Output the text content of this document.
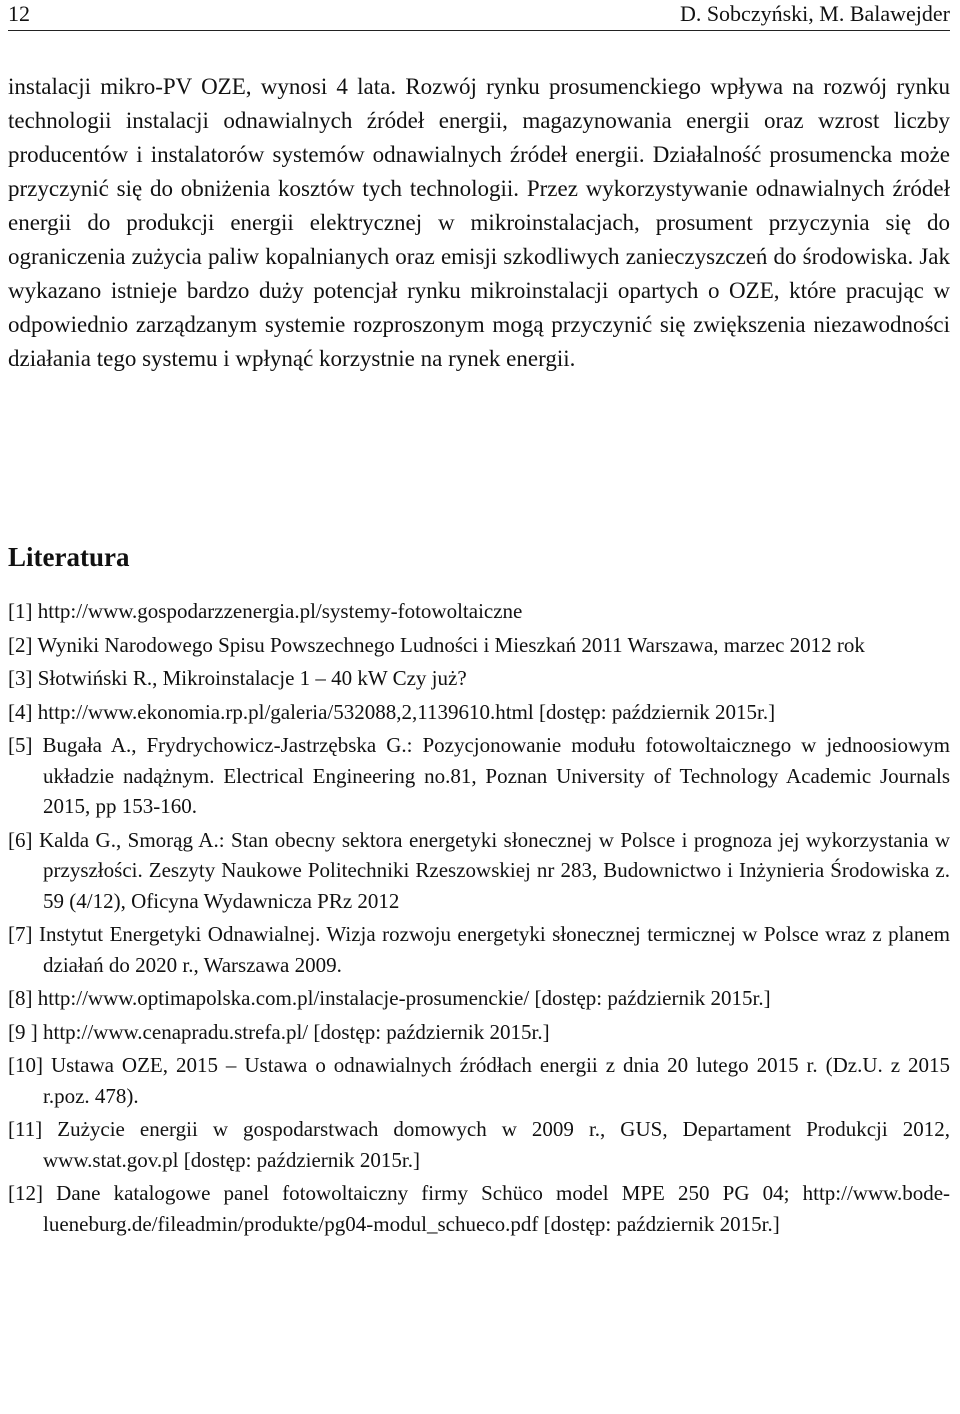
12	D. Sobczyński, M. Balawejder

instalacji mikro-PV OZE, wynosi 4 lata. Rozwój rynku prosumenckiego wpływa na rozwój rynku technologii instalacji odnawialnych źródeł energii, magazynowania energii oraz wzrost liczby producentów i instalatorów systemów odnawialnych źródeł energii. Działalność prosumencka może przyczynić się do obniżenia kosztów tych technologii. Przez wykorzystywanie odnawialnych źródeł energii do produkcji energii elektrycznej w mikroinstalacjach, prosument przyczynia się do ograniczenia zużycia paliw kopalnianych oraz emisji szkodliwych zanieczyszczeń do środowiska. Jak wykazano istnieje bardzo duży potencjał rynku mikroinstalacji opartych o OZE, które pracując w odpowiednio zarządzanym systemie rozproszonym mogą przyczynić się zwiększenia niezawodności działania tego systemu i wpłynąć korzystnie na rynek energii.

Literatura
[1] http://www.gospodarzzenergia.pl/systemy-fotowoltaiczne
[2] Wyniki Narodowego Spisu Powszechnego Ludności i Mieszkań 2011 Warszawa, marzec 2012 rok
[3] Słotwiński R., Mikroinstalacje 1 – 40 kW Czy już?
[4] http://www.ekonomia.rp.pl/galeria/532088,2,1139610.html [dostęp: październik 2015r.]
[5] Bugała A., Frydrychowicz-Jastrzębska G.: Pozycjonowanie modułu fotowoltaicznego w jednoosiowym układzie nadążnym. Electrical Engineering no.81, Poznan University of Technology Academic Journals 2015, pp 153-160.
[6] Kalda G., Smorąg A.: Stan obecny sektora energetyki słonecznej w Polsce i prognoza jej wykorzystania w przyszłości. Zeszyty Naukowe Politechniki Rzeszowskiej nr 283, Budownictwo i Inżynieria Środowiska z. 59 (4/12), Oficyna Wydawnicza PRz 2012
[7] Instytut Energetyki Odnawialnej. Wizja rozwoju energetyki słonecznej termicznej w Polsce wraz z planem działań do 2020 r., Warszawa 2009.
[8] http://www.optimapolska.com.pl/instalacje-prosumenckie/ [dostęp: październik 2015r.]
[9 ] http://www.cenapradu.strefa.pl/ [dostęp: październik 2015r.]
[10] Ustawa OZE, 2015 – Ustawa o odnawialnych źródłach energii z dnia 20 lutego 2015 r. (Dz.U. z 2015 r.poz. 478).
[11] Zużycie energii w gospodarstwach domowych w 2009 r., GUS, Departament Produkcji 2012, www.stat.gov.pl [dostęp: październik 2015r.]
[12] Dane katalogowe panel fotowoltaiczny firmy Schüco model MPE 250 PG 04; http://www.bode-lueneburg.de/fileadmin/produkte/pg04-modul_schueco.pdf [dostęp: październik 2015r.]
